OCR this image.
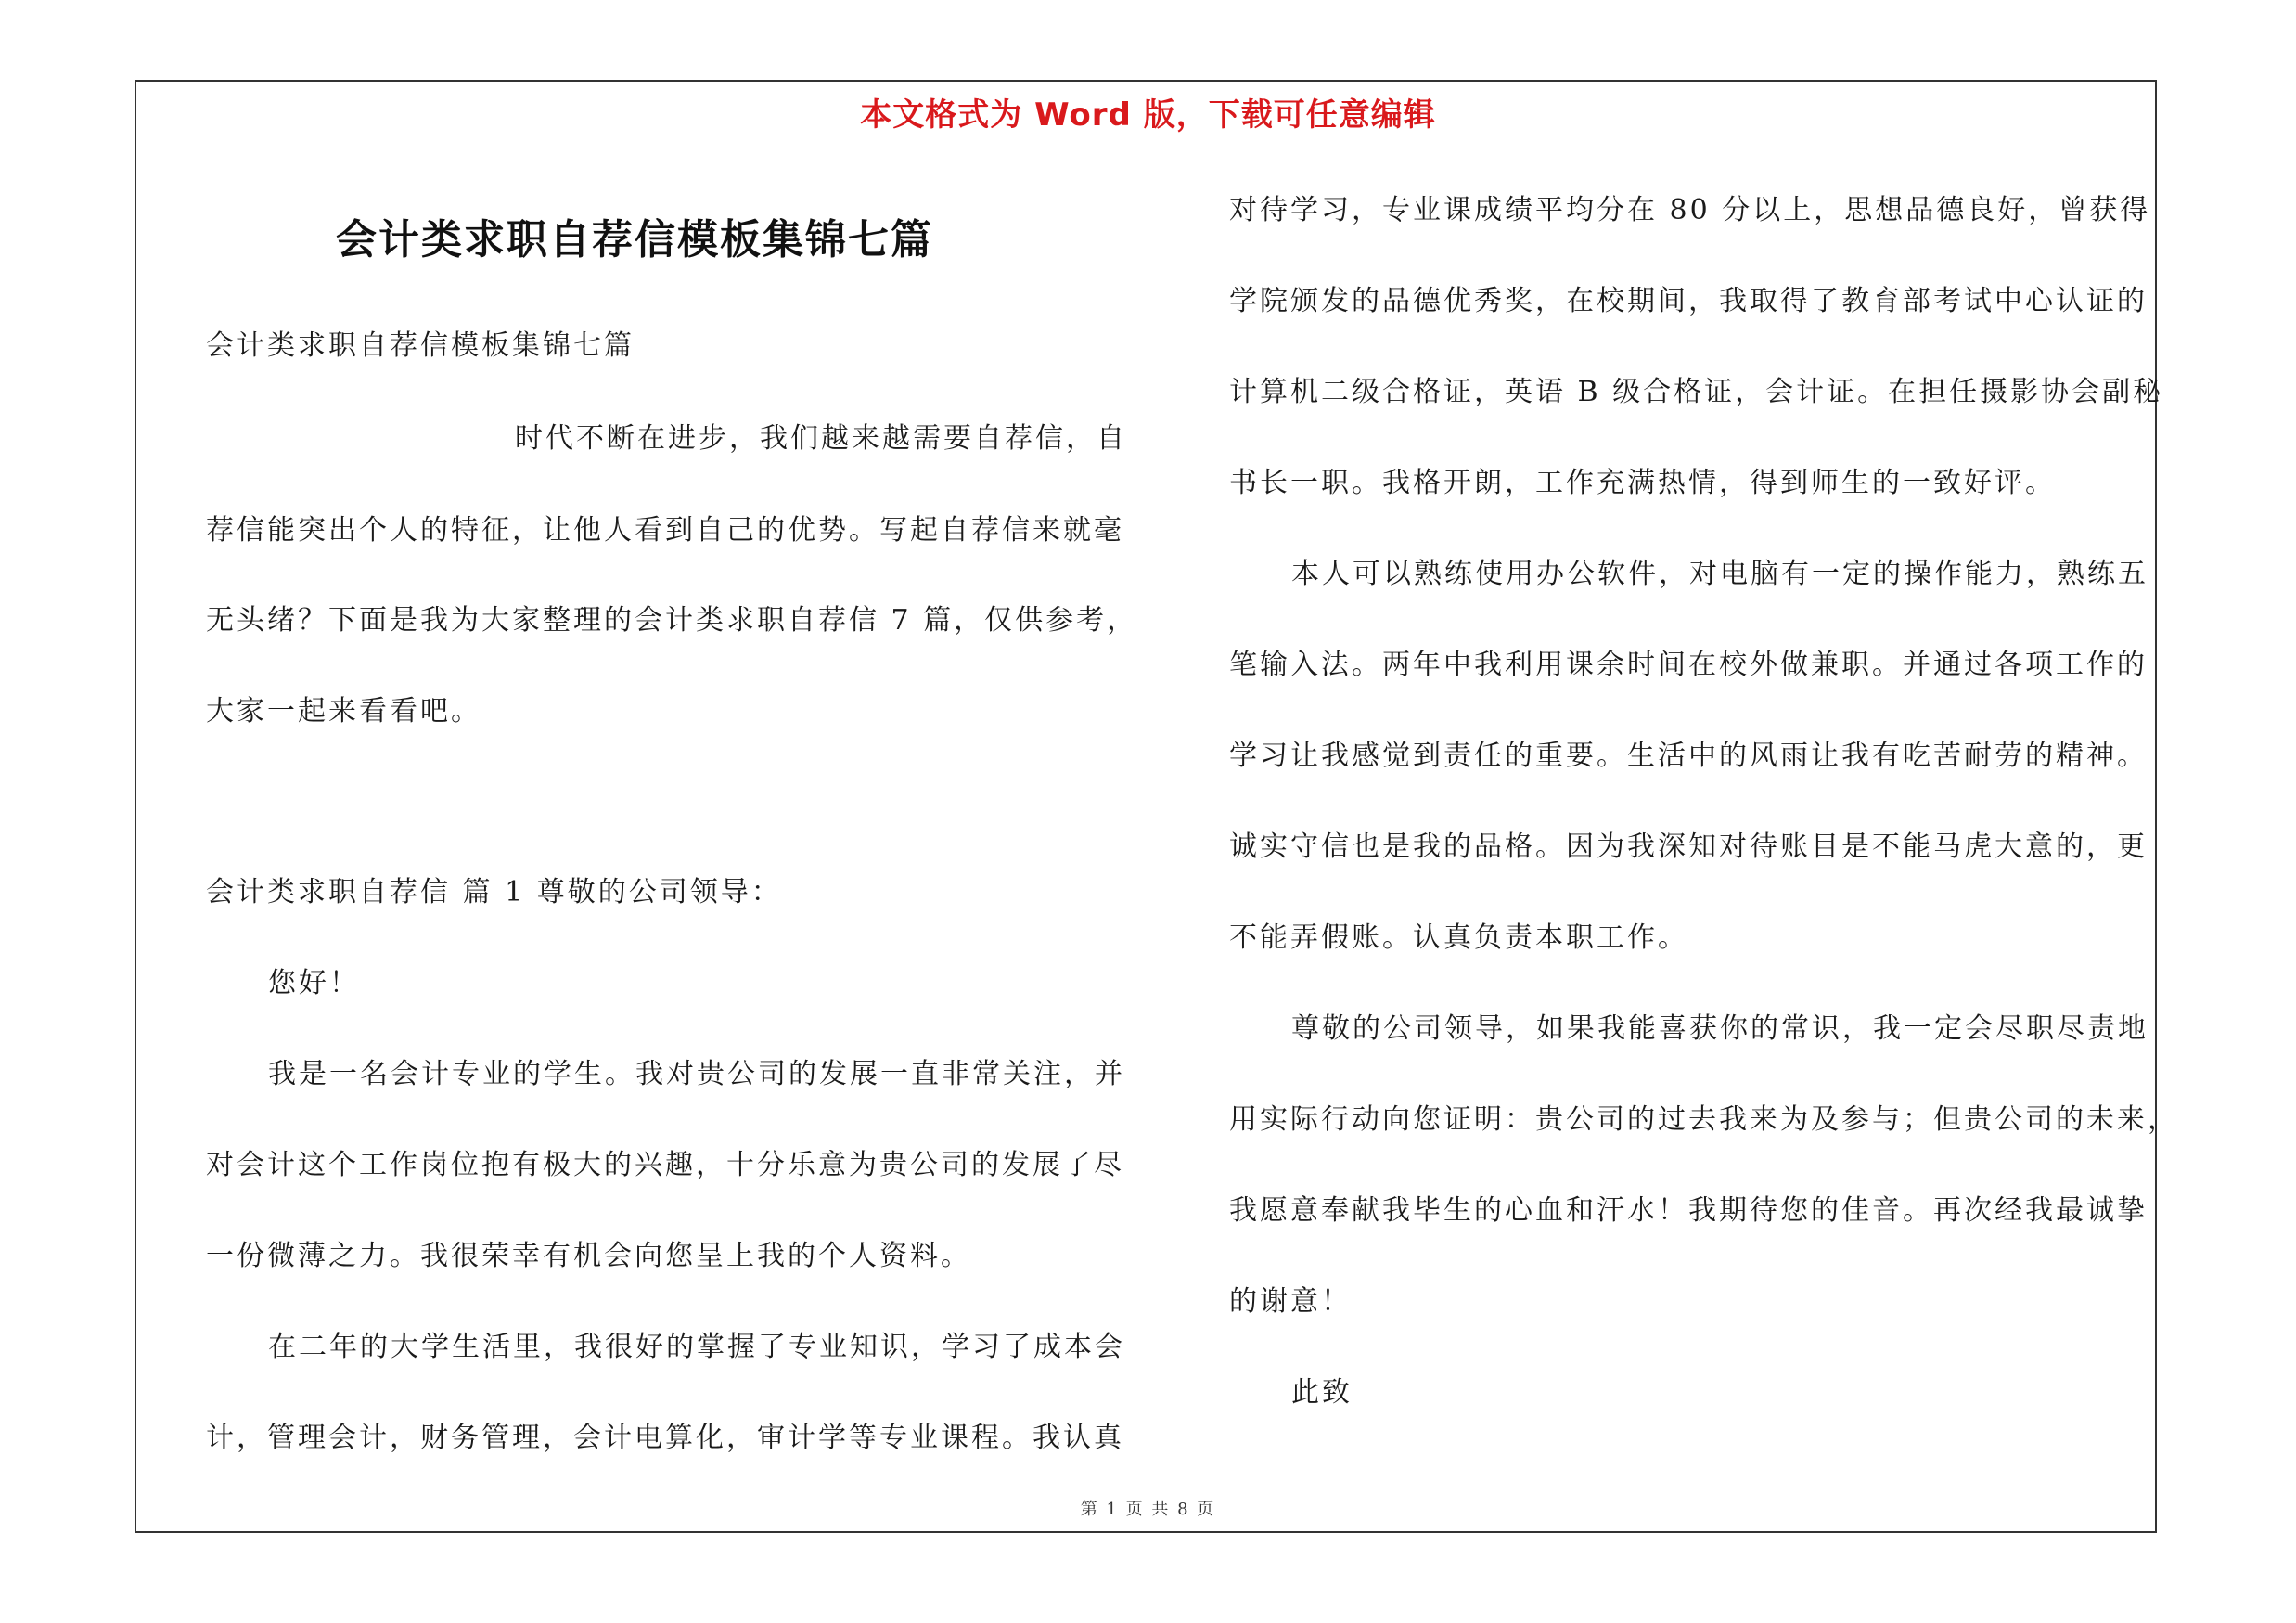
本文格式为 Word 版，下载可任意编辑
会计类求职自荐信模板集锦七篇
会计类求职自荐信模板集锦七篇
时代不断在进步，我们越来越需要自荐信，自
荐信能突出个人的特征，让他人看到自己的优势。写起自荐信来就毫
无头绪？下面是我为大家整理的会计类求职自荐信 7 篇，仅供参考，
大家一起来看看吧。
会计类求职自荐信 篇 1 尊敬的公司领导：
您好！
我是一名会计专业的学生。我对贵公司的发展一直非常关注，并
对会计这个工作岗位抱有极大的兴趣，十分乐意为贵公司的发展了尽
一份微薄之力。我很荣幸有机会向您呈上我的个人资料。
在二年的大学生活里，我很好的掌握了专业知识，学习了成本会
计，管理会计，财务管理，会计电算化，审计学等专业课程。我认真
对待学习，专业课成绩平均分在 80 分以上，思想品德良好，曾获得
学院颁发的品德优秀奖，在校期间，我取得了教育部考试中心认证的
计算机二级合格证，英语 B 级合格证，会计证。在担任摄影协会副秘
书长一职。我格开朗，工作充满热情，得到师生的一致好评。
本人可以熟练使用办公软件，对电脑有一定的操作能力，熟练五
笔输入法。两年中我利用课余时间在校外做兼职。并通过各项工作的
学习让我感觉到责任的重要。生活中的风雨让我有吃苦耐劳的精神。
诚实守信也是我的品格。因为我深知对待账目是不能马虎大意的，更
不能弄假账。认真负责本职工作。
尊敬的公司领导，如果我能喜获你的常识，我一定会尽职尽责地
用实际行动向您证明：贵公司的过去我来为及参与；但贵公司的未来，
我愿意奉献我毕生的心血和汗水！我期待您的佳音。再次经我最诚挚
的谢意！
此致
第 1 页 共 8 页
